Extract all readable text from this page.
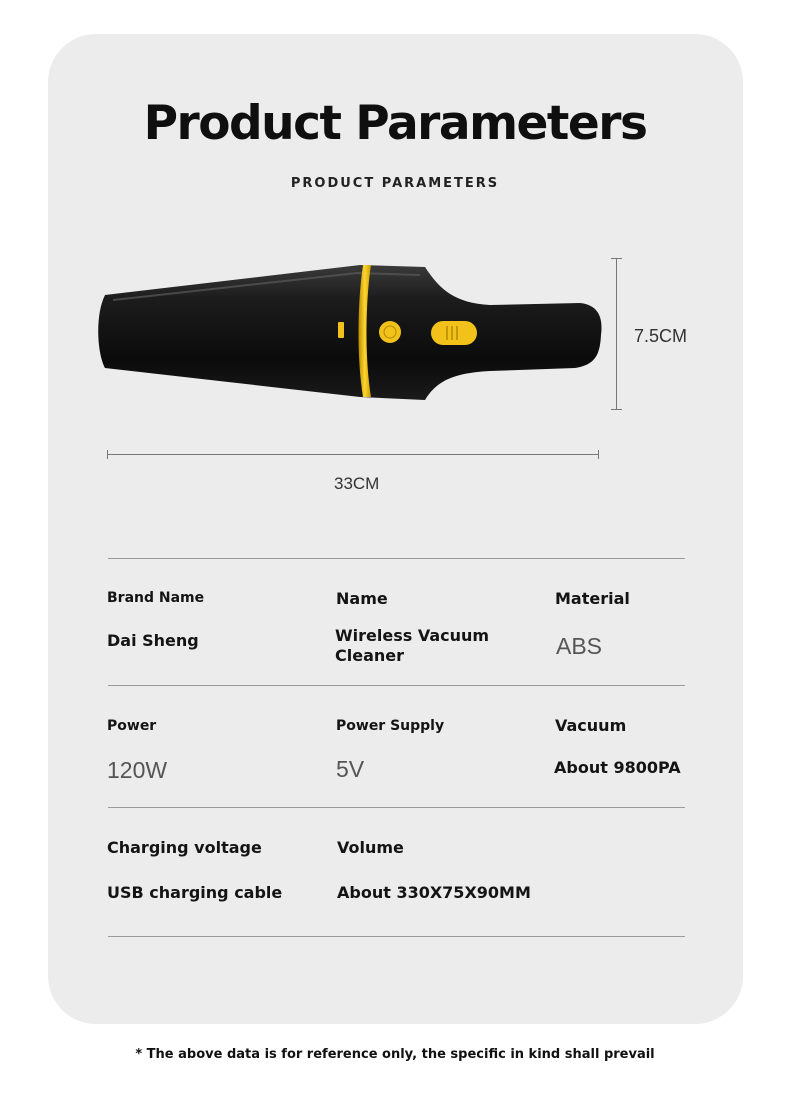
Product Parameters
PRODUCT PARAMETERS
7.5CM
33CM
Brand Name	Name	Material
Dai Sheng	Wireless Vacuum Cleaner	ABS
Power	Power Supply	Vacuum
120W	5V	About 9800PA
Charging voltage	Volume
USB charging cable	About 330X75X90MM
* The above data is for reference only, the specific in kind shall prevail
